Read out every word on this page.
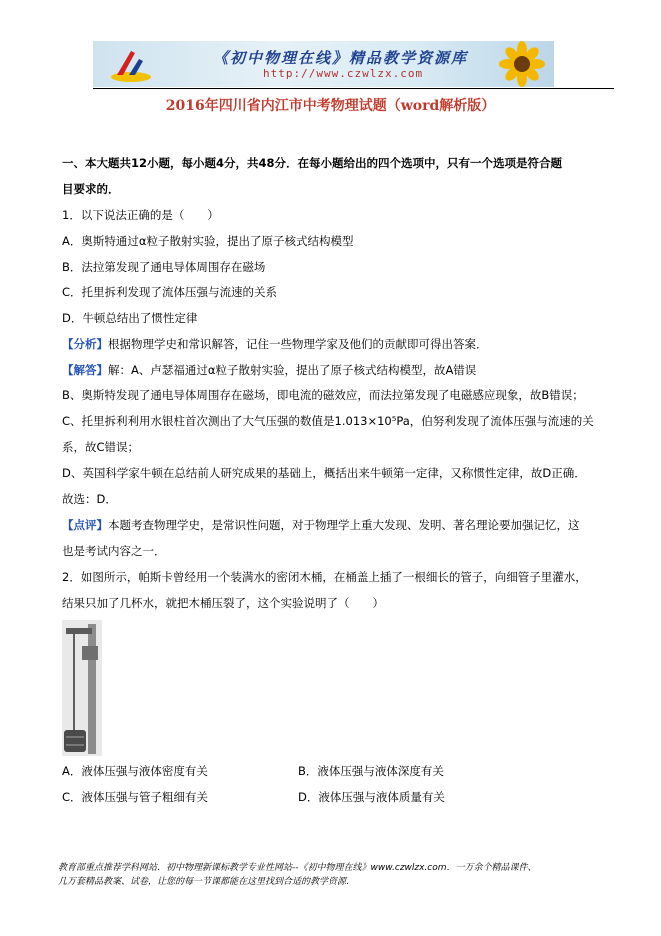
《初中物理在线》精品教学资源库
http://www.czwlzx.com
2016年四川省内江市中考物理试题（word解析版）
一、本大题共12小题，每小题4分，共48分．在每小题给出的四个选项中，只有一个选项是符合题
目要求的．
1．以下说法正确的是（　　）
A．奥斯特通过α粒子散射实验，提出了原子核式结构模型
B．法拉第发现了通电导体周围存在磁场
C．托里拆利发现了流体压强与流速的关系
D．牛顿总结出了惯性定律
【分析】根据物理学史和常识解答，记住一些物理学家及他们的贡献即可得出答案．
【解答】解：A、卢瑟福通过α粒子散射实验，提出了原子核式结构模型，故A错误
B、奥斯特发现了通电导体周围存在磁场，即电流的磁效应，而法拉第发现了电磁感应现象，故B错误；
C、托里拆利利用水银柱首次测出了大气压强的数值是1.013×10⁵Pa，伯努利发现了流体压强与流速的关
系，故C错误；
D、英国科学家牛顿在总结前人研究成果的基础上，概括出来牛顿第一定律，又称惯性定律，故D正确．
故选：D．
【点评】本题考查物理学史，是常识性问题，对于物理学上重大发现、发明、著名理论要加强记忆，这
也是考试内容之一．
2．如图所示，帕斯卡曾经用一个装满水的密闭木桶，在桶盖上插了一根细长的管子，向细管子里灌水，
结果只加了几杯水，就把木桶压裂了，这个实验说明了（　　）
A．液体压强与液体密度有关	B．液体压强与液体深度有关
C．液体压强与管子粗细有关	D．液体压强与液体质量有关
教育部重点推荐学科网站．初中物理新课标教学专业性网站--《初中物理在线》www.czwlzx.com．一万余个精品课件、
几万套精品教案、试卷，让您的每一节课都能在这里找到合适的教学资源．
